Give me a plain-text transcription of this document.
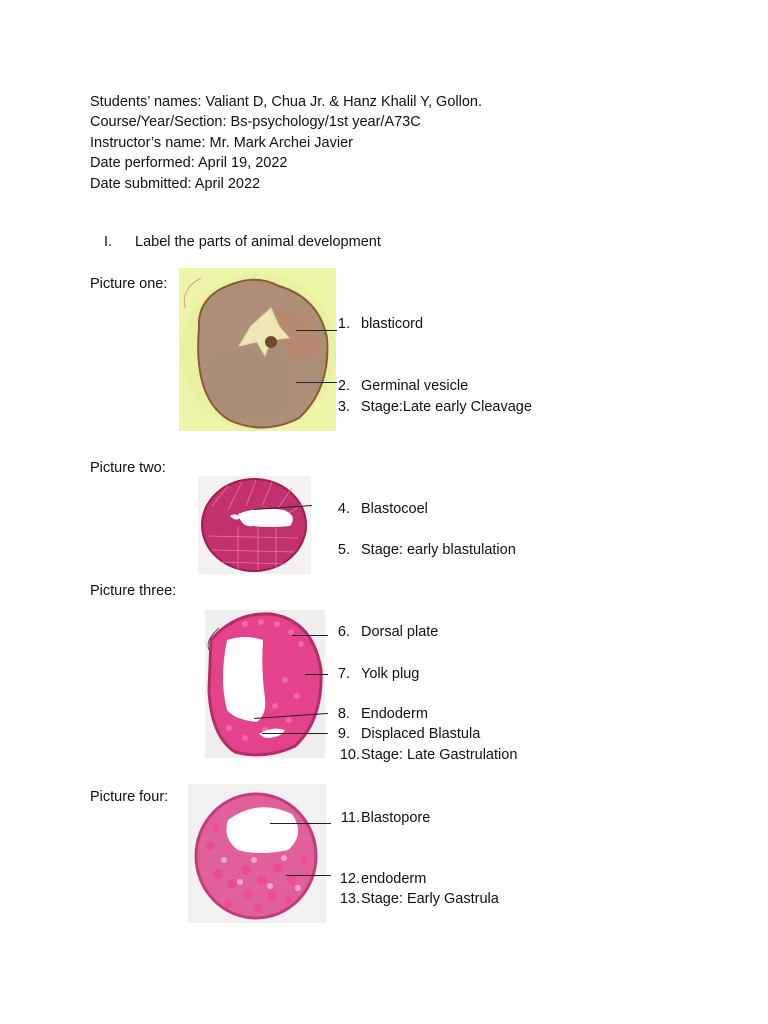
Students’ names: Valiant D, Chua Jr. & Hanz Khalil Y, Gollon.
Course/Year/Section: Bs-psychology/1st year/A73C
Instructor’s name: Mr. Mark Archei Javier
Date performed: April 19, 2022
Date submitted: April 2022
I. Label the parts of animal development
Picture one:
1. blasticord
2. Germinal vesicle
3. Stage:Late early Cleavage
Picture two:
4. Blastocoel
5. Stage: early blastulation
Picture three:
6. Dorsal plate
7. Yolk plug
8. Endoderm
9. Displaced Blastula
10. Stage: Late Gastrulation
Picture four:
11. Blastopore
12. endoderm
13. Stage: Early Gastrula
